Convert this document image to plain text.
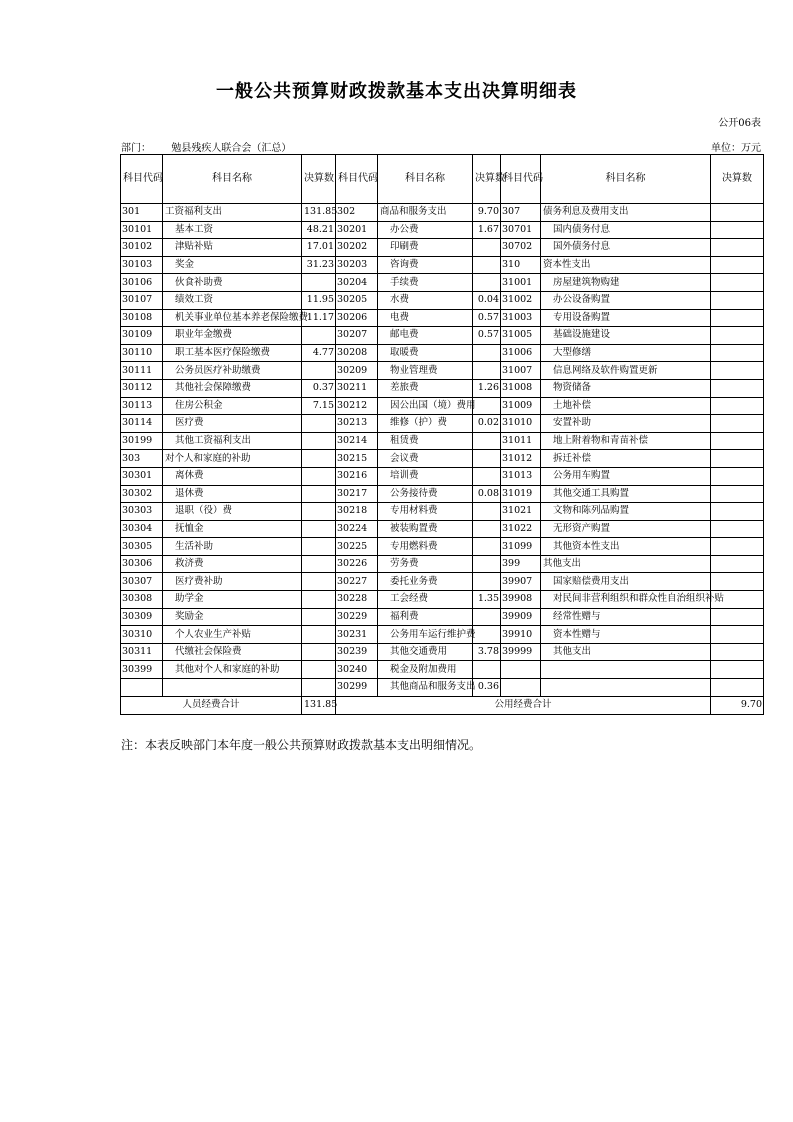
一般公共预算财政拨款基本支出决算明细表
公开06表
部门： 勉县残疾人联合会（汇总）	单位：万元
科目代码	科目名称	决算数	科目代码	科目名称	决算数	科目代码	科目名称	决算数
301	工资福利支出	131.85	302	商品和服务支出	9.70	307	债务利息及费用支出	
30101	基本工资	48.21	30201	办公费	1.67	30701	国内债务付息	
30102	津贴补贴	17.01	30202	印刷费		30702	国外债务付息	
30103	奖金	31.23	30203	咨询费		310	资本性支出	
30106	伙食补助费		30204	手续费		31001	房屋建筑物购建	
30107	绩效工资	11.95	30205	水费	0.04	31002	办公设备购置	
30108	机关事业单位基本养老保险缴费	11.17	30206	电费	0.57	31003	专用设备购置	
30109	职业年金缴费		30207	邮电费	0.57	31005	基础设施建设	
30110	职工基本医疗保险缴费	4.77	30208	取暖费		31006	大型修缮	
30111	公务员医疗补助缴费		30209	物业管理费		31007	信息网络及软件购置更新	
30112	其他社会保障缴费	0.37	30211	差旅费	1.26	31008	物资储备	
30113	住房公积金	7.15	30212	因公出国（境）费用		31009	土地补偿	
30114	医疗费		30213	维修（护）费	0.02	31010	安置补助	
30199	其他工资福利支出		30214	租赁费		31011	地上附着物和青苗补偿	
303	对个人和家庭的补助		30215	会议费		31012	拆迁补偿	
30301	离休费		30216	培训费		31013	公务用车购置	
30302	退休费		30217	公务接待费	0.08	31019	其他交通工具购置	
30303	退职（役）费		30218	专用材料费		31021	文物和陈列品购置	
30304	抚恤金		30224	被装购置费		31022	无形资产购置	
30305	生活补助		30225	专用燃料费		31099	其他资本性支出	
30306	救济费		30226	劳务费		399	其他支出	
30307	医疗费补助		30227	委托业务费		39907	国家赔偿费用支出	
30308	助学金		30228	工会经费	1.35	39908	对民间非营利组织和群众性自治组织补贴	
30309	奖励金		30229	福利费		39909	经常性赠与	
30310	个人农业生产补贴		30231	公务用车运行维护费		39910	资本性赠与	
30311	代缴社会保险费		30239	其他交通费用	3.78	39999	其他支出	
30399	其他对个人和家庭的补助		30240	税金及附加费用				
			30299	其他商品和服务支出	0.36			
人员经费合计		131.85	公用经费合计					9.70
注：本表反映部门本年度一般公共预算财政拨款基本支出明细情况。
